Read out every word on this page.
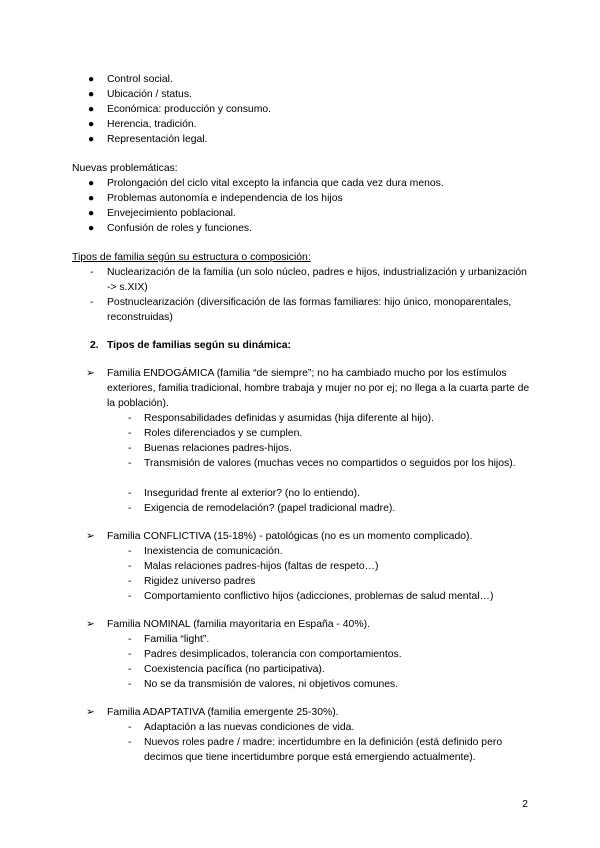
● Control social.
● Ubicación / status.
● Económica: producción y consumo.
● Herencia, tradición.
● Representación legal.
Nuevas problemáticas:
● Prolongación del ciclo vital excepto la infancia que cada vez dura menos.
● Problemas autonomía e independencia de los hijos
● Envejecimiento poblacional.
● Confusión de roles y funciones.
Tipos de familia según su estructura o composición:
- Nuclearización de la familia (un solo núcleo, padres e hijos, industrialización y urbanización -> s.XIX)
- Postnuclearización (diversificación de las formas familiares: hijo único, monoparentales, reconstruidas)
2. Tipos de familias según su dinámica:
➢ Familia ENDOGÁMICA (familia “de siempre”; no ha cambiado mucho por los estímulos exteriores, familia tradicional, hombre trabaja y mujer no por ej; no llega a la cuarta parte de la población).
- Responsabilidades definidas y asumidas (hija diferente al hijo).
- Roles diferenciados y se cumplen.
- Buenas relaciones padres-hijos.
- Transmisión de valores (muchas veces no compartidos o seguidos por los hijos).
- Inseguridad frente al exterior? (no lo entiendo).
- Exigencia de remodelación? (papel tradicional madre).
➢ Familia CONFLICTIVA (15-18%) - patológicas (no es un momento complicado).
- Inexistencia de comunicación.
- Malas relaciones padres-hijos (faltas de respeto…)
- Rigidez universo padres
- Comportamiento conflictivo hijos (adicciones, problemas de salud mental…)
➢ Familia NOMINAL (familia mayoritaria en España - 40%).
- Familia “light”.
- Padres desimplicados, tolerancia con comportamientos.
- Coexistencia pacífica (no participativa).
- No se da transmisión de valores, ni objetivos comunes.
➢ Familia ADAPTATIVA (familia emergente 25-30%).
- Adaptación a las nuevas condiciones de vida.
- Nuevos roles padre / madre: incertidumbre en la definición (está definido pero decimos que tiene incertidumbre porque está emergiendo actualmente).
2
